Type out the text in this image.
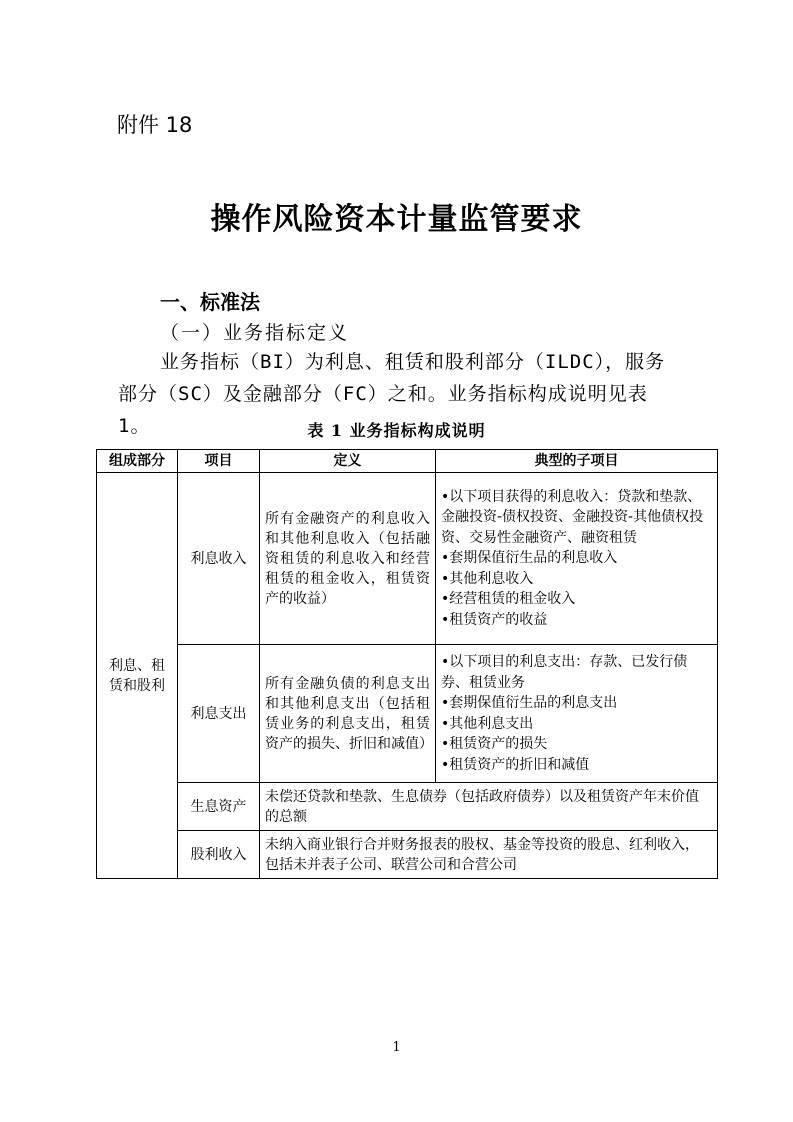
附件 18
操作风险资本计量监管要求
一、标准法
（一）业务指标定义
业务指标（BI）为利息、租赁和股利部分（ILDC），服务部分（SC）及金融部分（FC）之和。业务指标构成说明见表 1。	表 1 业务指标构成说明
组成部分	项目	定义	典型的子项目
利息、租赁和股利	利息收入	所有金融资产的利息收入和其他利息收入（包括融资租赁的利息收入和经营租赁的租金收入，租赁资产的收益）	•以下项目获得的利息收入：贷款和垫款、金融投资-债权投资、金融投资-其他债权投资、交易性金融资产、融资租赁
•套期保值衍生品的利息收入
•其他利息收入
•经营租赁的租金收入
•租赁资产的收益

	利息支出	所有金融负债的利息支出和其他利息支出（包括租赁业务的利息支出，租赁资产的损失、折旧和减值）	•以下项目的利息支出：存款、已发行债券、租赁业务
•套期保值衍生品的利息支出
•其他利息支出
•租赁资产的损失
•租赁资产的折旧和减值

	生息资产	未偿还贷款和垫款、生息债券（包括政府债券）以及租赁资产年末价值的总额	
	股利收入	未纳入商业银行合并财务报表的股权、基金等投资的股息、红利收入，包括未并表子公司、联营公司和合营公司	
1
